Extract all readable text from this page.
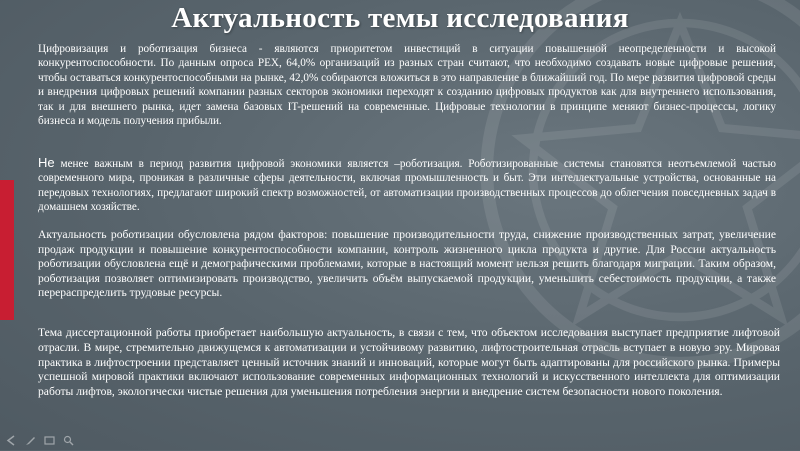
Актуальность темы исследования

Цифровизация и роботизация бизнеса - являются приоритетом инвестиций в ситуации повышенной неопределенности и высокой конкурентоспособности. По данным опроса PEX, 64,0% организаций из разных стран считают, что необходимо создавать новые цифровые решения, чтобы оставаться конкурентоспособными на рынке, 42,0% собираются вложиться в это направление в ближайший год. По мере развития цифровой среды и внедрения цифровых решений компании разных секторов экономики переходят к созданию цифровых продуктов как для внутреннего использования, так и для внешнего рынка, идет замена базовых IT-решений на современные. Цифровые технологии в принципе меняют бизнес-процессы, логику бизнеса и модель получения прибыли.

Не менее важным в период развития цифровой экономики является –роботизация. Роботизированные системы становятся неотъемлемой частью современного мира, проникая в различные сферы деятельности, включая промышленность и быт. Эти интеллектуальные устройства, основанные на передовых технологиях, предлагают широкий спектр возможностей, от автоматизации производственных процессов до облегчения повседневных задач в домашнем хозяйстве.

Актуальность роботизации обусловлена рядом факторов: повышение производительности труда, снижение производственных затрат, увеличение продаж продукции и повышение конкурентоспособности компании, контроль жизненного цикла продукта и другие. Для России актуальность роботизации обусловлена ещё и демографическими проблемами, которые в настоящий момент нельзя решить благодаря миграции. Таким образом, роботизация позволяет оптимизировать производство, увеличить объём выпускаемой продукции, уменьшить себестоимость продукции, а также перераспределить трудовые ресурсы.

Тема диссертационной работы приобретает наибольшую актуальность, в связи с тем, что объектом исследования выступает предприятие лифтовой отрасли. В мире, стремительно движущемся к автоматизации и устойчивому развитию, лифтостроительная отрасль вступает в новую эру. Мировая практика в лифтостроении представляет ценный источник знаний и инноваций, которые могут быть адаптированы для российского рынка. Примеры успешной мировой практики включают использование современных информационных технологий и искусственного интеллекта для оптимизации работы лифтов, экологически чистые решения для уменьшения потребления энергии и внедрение систем безопасности нового поколения.
